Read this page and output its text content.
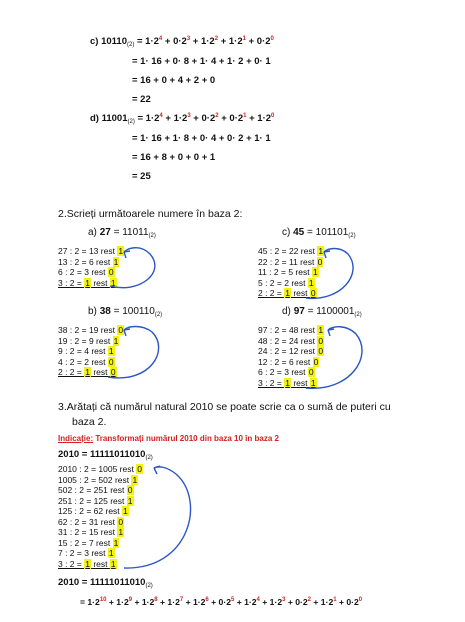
c) $10110_{(2)} = 1\cdot 2^4 + 0\cdot 2^3 + 1\cdot 2^2 + 1\cdot 2^1 + 0\cdot 2^0$
= 1· 16 + 0· 8 + 1· 4 + 1· 2 + 0· 1
= 16 + 0 + 4 + 2 + 0
= 22
d) $11001_{(2)} = 1\cdot 2^4 + 1\cdot 2^3 + 0\cdot 2^2 + 0\cdot 2^1 + 1\cdot 2^0$
= 1· 16 + 1· 8 + 0· 4 + 0· 2 + 1· 1
= 16 + 8 + 0 + 0 + 1
= 25
2.Scrieți următoarele numere în baza 2:
a) $27 = 11011_{(2)}$
27 : 2 = 13 rest 1
13 : 2 = 6 rest 1
6 : 2 = 3 rest 0
3 : 2 = 1 rest 1
c) $45 = 101101_{(2)}$
45 : 2 = 22 rest 1
22 : 2 = 11 rest 0
11 : 2 = 5 rest 1
5 : 2 = 2 rest 1
2 : 2 = 1 rest 0
b) $38 = 100110_{(2)}$
38 : 2 = 19 rest 0
19 : 2 = 9 rest 1
9 : 2 = 4 rest 1
4 : 2 = 2 rest 0
2 : 2 = 1 rest 0
d) $97 = 1100001_{(2)}$
97 : 2 = 48 rest 1
48 : 2 = 24 rest 0
24 : 2 = 12 rest 0
12 : 2 = 6 rest 0
6 : 2 = 3 rest 0
3 : 2 = 1 rest 1
3.Arătați că numărul natural 2010 se poate scrie ca o sumă de puteri cu
baza 2.
Indicație: Transformați numărul 2010 din baza 10 în baza 2
$2010 = 11111011010_{(2)}$
2010 : 2 = 1005 rest 0
1005 : 2 = 502 rest 1
502 : 2 = 251 rest 0
251 : 2 = 125 rest 1
125 : 2 = 62 rest 1
62 : 2 = 31 rest 0
31 : 2 = 15 rest 1
15 : 2 = 7 rest 1
7 : 2 = 3 rest 1
3 : 2 = 1 rest 1
$2010 = 11111011010_{(2)}$
= $1\cdot 2^{10} + 1\cdot 2^9 + 1\cdot 2^8 + 1\cdot 2^7 + 1\cdot 2^6 + 0\cdot 2^5 + 1\cdot 2^4 + 1\cdot 2^3 + 0\cdot 2^2 + 1\cdot 2^1 + 0\cdot 2^0$
